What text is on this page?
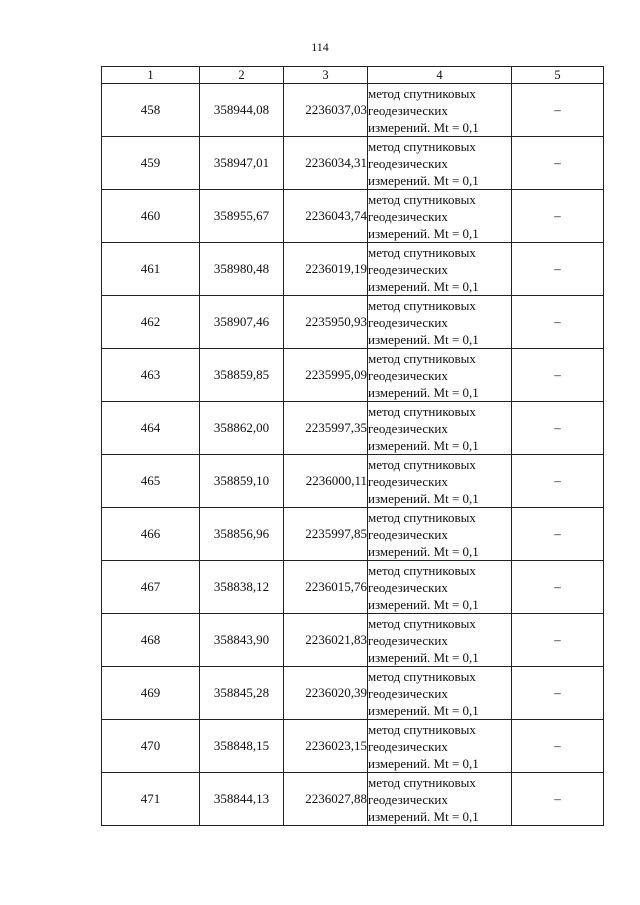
114
1	2	3	4	5
458	358944,08	2236037,03	метод спутниковых
геодезических
измерений. Mt = 0,1	–
459	358947,01	2236034,31	метод спутниковых
геодезических
измерений. Mt = 0,1	–
460	358955,67	2236043,74	метод спутниковых
геодезических
измерений. Mt = 0,1	–
461	358980,48	2236019,19	метод спутниковых
геодезических
измерений. Mt = 0,1	–
462	358907,46	2235950,93	метод спутниковых
геодезических
измерений. Mt = 0,1	–
463	358859,85	2235995,09	метод спутниковых
геодезических
измерений. Mt = 0,1	–
464	358862,00	2235997,35	метод спутниковых
геодезических
измерений. Mt = 0,1	–
465	358859,10	2236000,11	метод спутниковых
геодезических
измерений. Mt = 0,1	–
466	358856,96	2235997,85	метод спутниковых
геодезических
измерений. Mt = 0,1	–
467	358838,12	2236015,76	метод спутниковых
геодезических
измерений. Mt = 0,1	–
468	358843,90	2236021,83	метод спутниковых
геодезических
измерений. Mt = 0,1	–
469	358845,28	2236020,39	метод спутниковых
геодезических
измерений. Mt = 0,1	–
470	358848,15	2236023,15	метод спутниковых
геодезических
измерений. Mt = 0,1	–
471	358844,13	2236027,88	метод спутниковых
геодезических
измерений. Mt = 0,1	–
